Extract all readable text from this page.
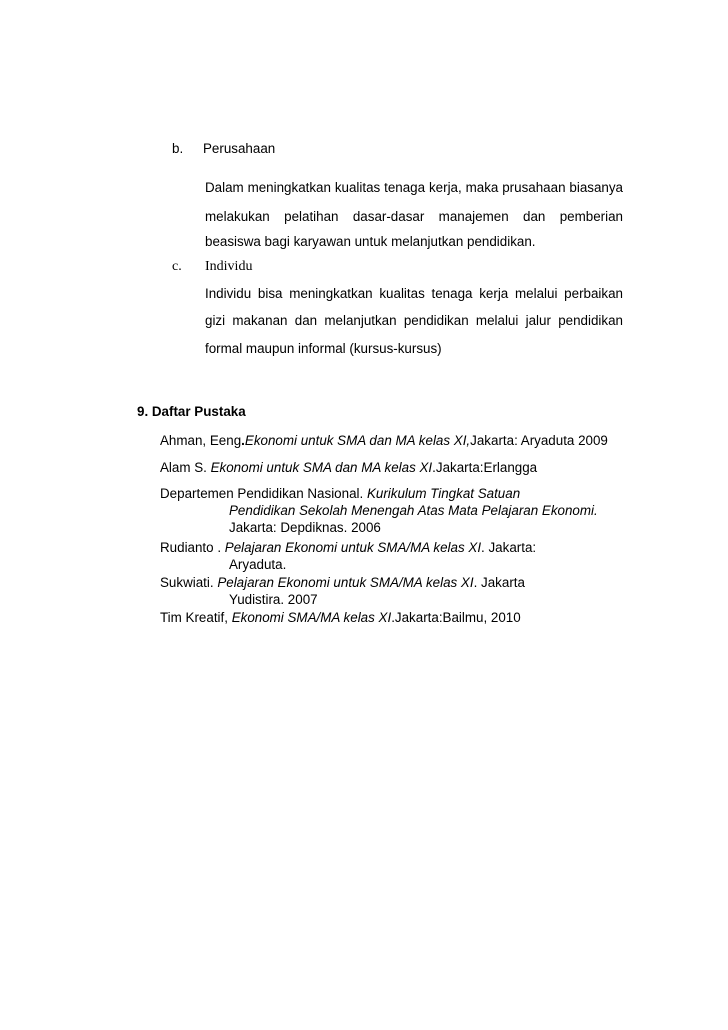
b. Perusahaan
Dalam meningkatkan kualitas tenaga kerja, maka prusahaan biasanya
melakukan pelatihan dasar-dasar manajemen dan pemberian
beasiswa bagi karyawan untuk melanjutkan pendidikan.
c. Individu
Individu bisa meningkatkan kualitas tenaga kerja melalui perbaikan
gizi makanan dan melanjutkan pendidikan melalui jalur pendidikan
formal maupun informal (kursus-kursus)
9. Daftar Pustaka
Ahman, Eeng.Ekonomi untuk SMA dan MA kelas XI,Jakarta: Aryaduta 2009
Alam S. Ekonomi untuk SMA dan MA kelas XI.Jakarta:Erlangga
Departemen Pendidikan Nasional. Kurikulum Tingkat Satuan
Pendidikan Sekolah Menengah Atas Mata Pelajaran Ekonomi.
Jakarta: Depdiknas. 2006
Rudianto . Pelajaran Ekonomi untuk SMA/MA kelas XI. Jakarta:
Aryaduta.
Sukwiati. Pelajaran Ekonomi untuk SMA/MA kelas XI. Jakarta
Yudistira. 2007
Tim Kreatif, Ekonomi SMA/MA kelas XI.Jakarta:Bailmu, 2010
